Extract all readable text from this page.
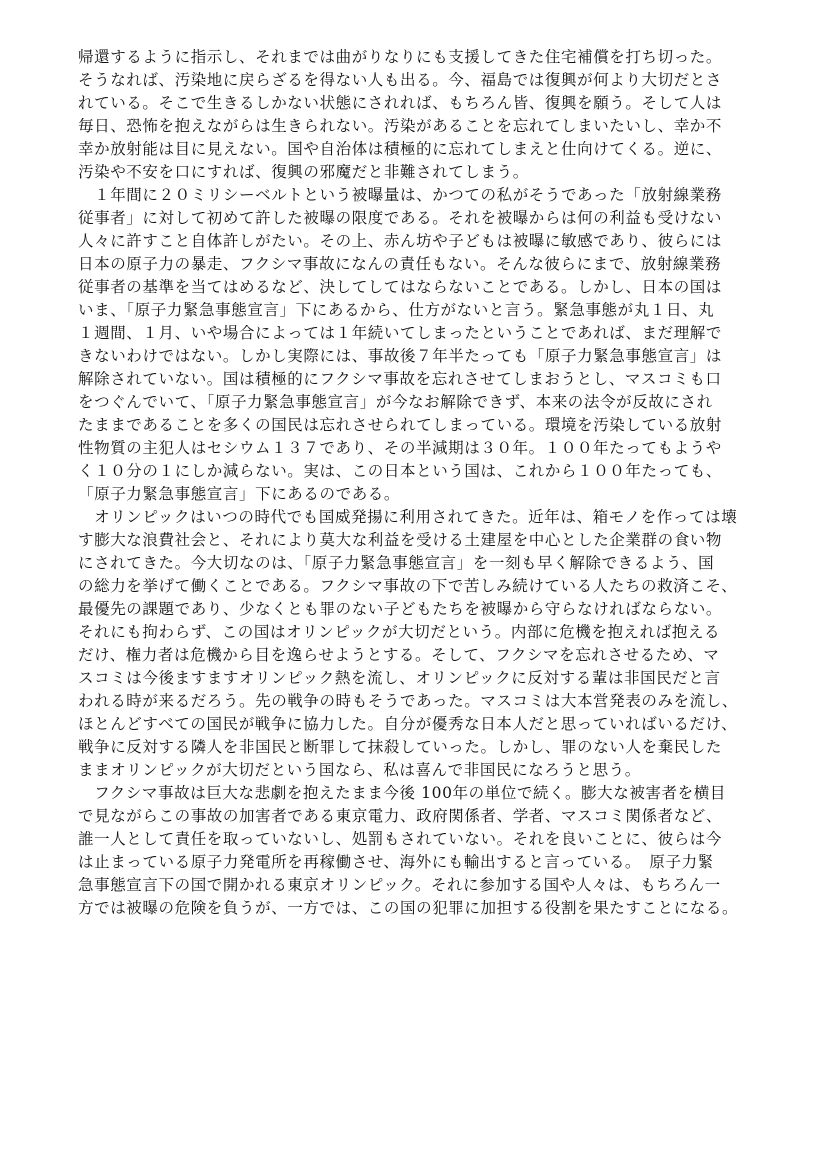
帰還するように指示し、それまでは曲がりなりにも支援してきた住宅補償を打ち切った。
そうなれば、汚染地に戻らざるを得ない人も出る。今、福島では復興が何より大切だとさ
れている。そこで生きるしかない状態にされれば、もちろん皆、復興を願う。そして人は
毎日、恐怖を抱えながらは生きられない。汚染があることを忘れてしまいたいし、幸か不
幸か放射能は目に見えない。国や自治体は積極的に忘れてしまえと仕向けてくる。逆に、
汚染や不安を口にすれば、復興の邪魔だと非難されてしまう。
　１年間に２０ミリシーベルトという被曝量は、かつての私がそうであった「放射線業務
従事者」に対して初めて許した被曝の限度である。それを被曝からは何の利益も受けない
人々に許すこと自体許しがたい。その上、赤ん坊や子どもは被曝に敏感であり、彼らには
日本の原子力の暴走、フクシマ事故になんの責任もない。そんな彼らにまで、放射線業務
従事者の基準を当てはめるなど、決してしてはならないことである。しかし、日本の国は
いま、「原子力緊急事態宣言」下にあるから、仕方がないと言う。緊急事態が丸１日、丸
１週間、１月、いや場合によっては１年続いてしまったということであれば、まだ理解で
きないわけではない。しかし実際には、事故後７年半たっても「原子力緊急事態宣言」は
解除されていない。国は積極的にフクシマ事故を忘れさせてしまおうとし、マスコミも口
をつぐんでいて、「原子力緊急事態宣言」が今なお解除できず、本来の法令が反故にされ
たままであることを多くの国民は忘れさせられてしまっている。環境を汚染している放射
性物質の主犯人はセシウム１３７であり、その半減期は３０年。１００年たってもようや
く１０分の１にしか減らない。実は、この日本という国は、これから１００年たっても、
「原子力緊急事態宣言」下にあるのである。
　オリンピックはいつの時代でも国威発揚に利用されてきた。近年は、箱モノを作っては壊
す膨大な浪費社会と、それにより莫大な利益を受ける土建屋を中心とした企業群の食い物
にされてきた。今大切なのは、「原子力緊急事態宣言」を一刻も早く解除できるよう、国
の総力を挙げて働くことである。フクシマ事故の下で苦しみ続けている人たちの救済こそ、
最優先の課題であり、少なくとも罪のない子どもたちを被曝から守らなければならない。
それにも拘わらず、この国はオリンピックが大切だという。内部に危機を抱えれば抱える
だけ、権力者は危機から目を逸らせようとする。そして、フクシマを忘れさせるため、マ
スコミは今後ますますオリンピック熱を流し、オリンピックに反対する輩は非国民だと言
われる時が来るだろう。先の戦争の時もそうであった。マスコミは大本営発表のみを流し、
ほとんどすべての国民が戦争に協力した。自分が優秀な日本人だと思っていればいるだけ、
戦争に反対する隣人を非国民と断罪して抹殺していった。しかし、罪のない人を棄民した
ままオリンピックが大切だという国なら、私は喜んで非国民になろうと思う。
　フクシマ事故は巨大な悲劇を抱えたまま今後 100年の単位で続く。膨大な被害者を横目
で見ながらこの事故の加害者である東京電力、政府関係者、学者、マスコミ関係者など、
誰一人として責任を取っていないし、処罰もされていない。それを良いことに、彼らは今
は止まっている原子力発電所を再稼働させ、海外にも輸出すると言っている。　原子力緊
急事態宣言下の国で開かれる東京オリンピック。それに参加する国や人々は、もちろん一
方では被曝の危険を負うが、一方では、この国の犯罪に加担する役割を果たすことになる。
